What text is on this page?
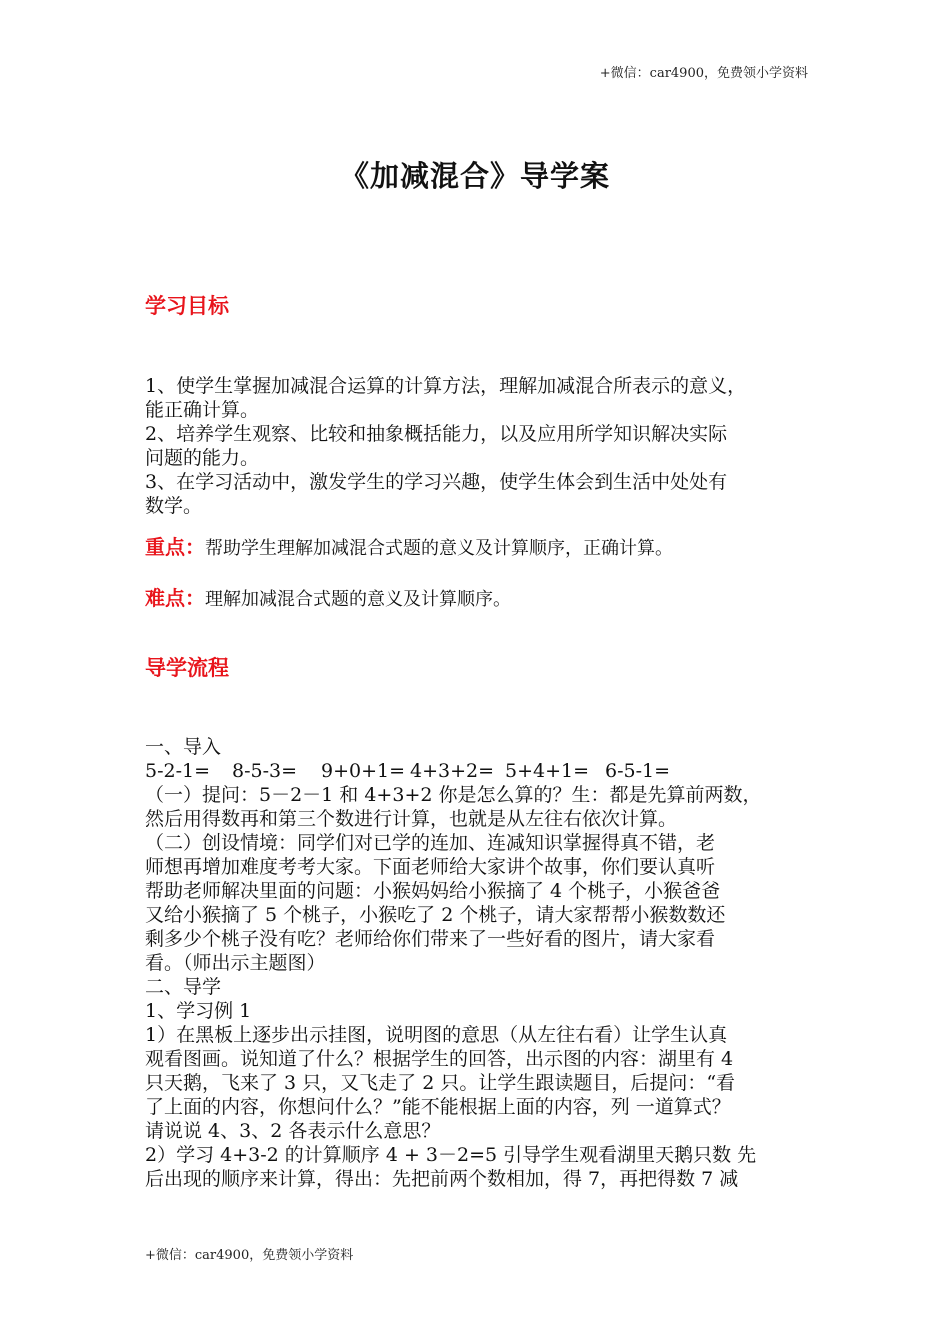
+微信：car4900，免费领小学资料
《加减混合》导学案
学习目标

1、使学生掌握加减混合运算的计算方法，理解加减混合所表示的意义，

能正确计算。

2、培养学生观察、比较和抽象概括能力，以及应用所学知识解决实际

问题的能力。

3、在学习活动中，激发学生的学习兴趣，使学生体会到生活中处处有

数学。

重点：帮助学生理解加减混合式题的意义及计算顺序，正确计算。
难点：理解加减混合式题的意义及计算顺序。
导学流程

一、导入

5-2-1=	8-5-3=	9+0+1= 4+3+2= 5+4+1= 6-5-1=

（一）提问：5－2－1 和 4+3+2 你是怎么算的？生：都是先算前两数，

然后用得数再和第三个数进行计算，也就是从左往右依次计算。

（二）创设情境：同学们对已学的连加、连减知识掌握得真不错，老

师想再增加难度考考大家。下面老师给大家讲个故事，你们要认真听

帮助老师解决里面的问题：小猴妈妈给小猴摘了 4 个桃子，小猴爸爸

又给小猴摘了 5 个桃子，小猴吃了 2 个桃子，请大家帮帮小猴数数还

剩多少个桃子没有吃？老师给你们带来了一些好看的图片，请大家看

看。（师出示主题图）

二、导学

1、学习例 1

1）在黑板上逐步出示挂图，说明图的意思（从左往右看）让学生认真

观看图画。说知道了什么？根据学生的回答，出示图的内容：湖里有 4

只天鹅，飞来了 3 只，又飞走了 2 只。让学生跟读题目，后提问：“看

了上面的内容，你想问什么？”能不能根据上面的内容，列 一道算式？

请说说 4、3、2 各表示什么意思？

2）学习 4+3-2 的计算顺序 4 + 3－2=5 引导学生观看湖里天鹅只数 先

后出现的顺序来计算，得出：先把前两个数相加，得 7，再把得数 7 减

+微信：car4900，免费领小学资料
